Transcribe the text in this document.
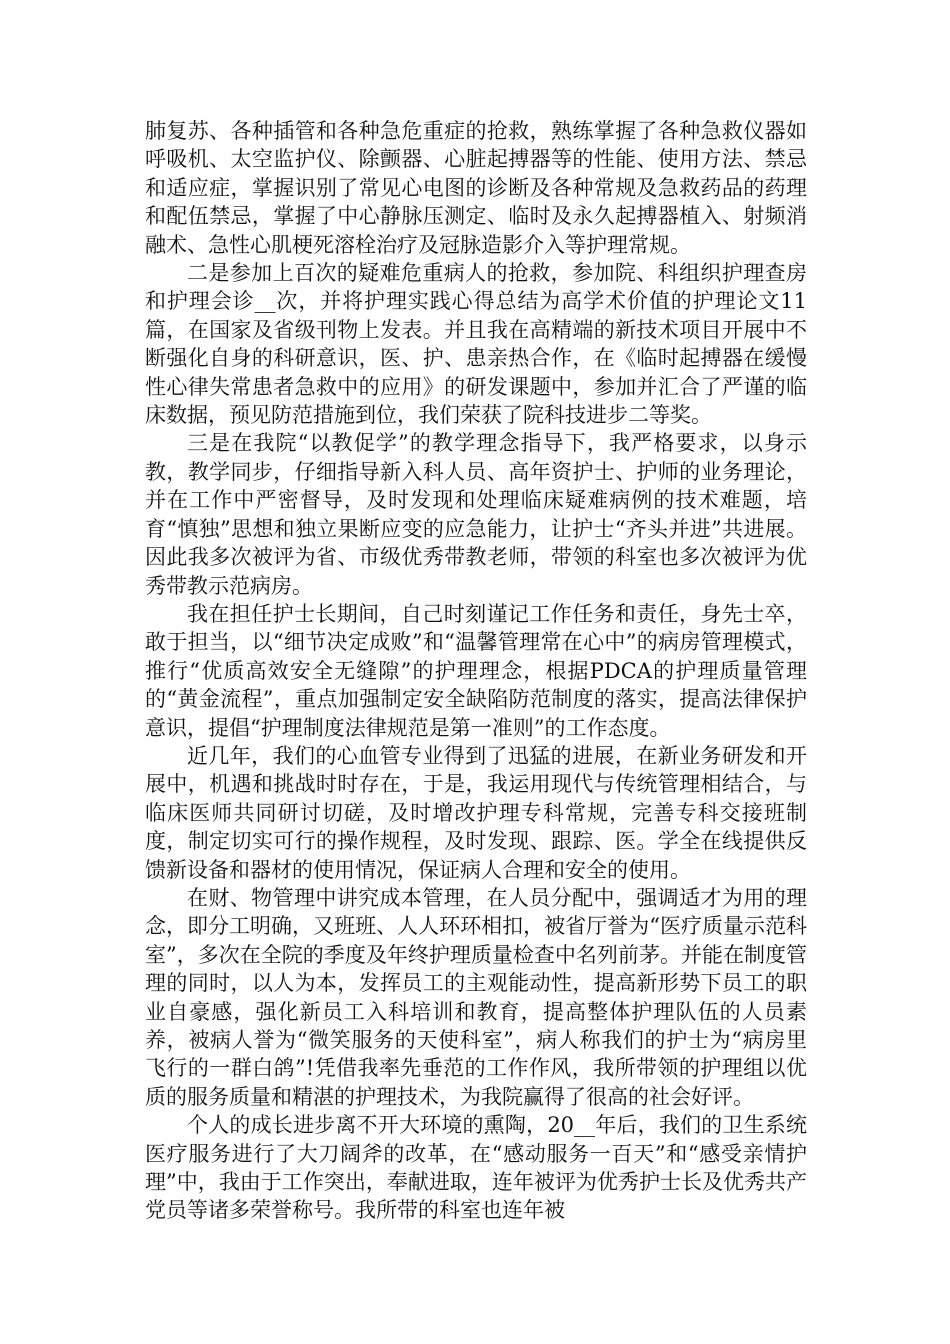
肺复苏、各种插管和各种急危重症的抢救，熟练掌握了各种急救仪器如呼吸机、太空监护仪、除颤器、心脏起搏器等的性能、使用方法、禁忌和适应症，掌握识别了常见心电图的诊断及各种常规及急救药品的药理和配伍禁忌，掌握了中心静脉压测定、临时及永久起搏器植入、射频消融术、急性心肌梗死溶栓治疗及冠脉造影介入等护理常规。

二是参加上百次的疑难危重病人的抢救，参加院、科组织护理查房和护理会诊__次，并将护理实践心得总结为高学术价值的护理论文11篇，在国家及省级刊物上发表。并且我在高精端的新技术项目开展中不断强化自身的科研意识，医、护、患亲热合作，在《临时起搏器在缓慢性心律失常患者急救中的应用》的研发课题中，参加并汇合了严谨的临床数据，预见防范措施到位，我们荣获了院科技进步二等奖。

三是在我院“以教促学”的教学理念指导下，我严格要求，以身示教，教学同步，仔细指导新入科人员、高年资护士、护师的业务理论，并在工作中严密督导，及时发现和处理临床疑难病例的技术难题，培育“慎独”思想和独立果断应变的应急能力，让护士“齐头并进”共进展。因此我多次被评为省、市级优秀带教老师，带领的科室也多次被评为优秀带教示范病房。

我在担任护士长期间，自己时刻谨记工作任务和责任，身先士卒，敢于担当，以“细节决定成败”和“温馨管理常在心中”的病房管理模式，推行“优质高效安全无缝隙”的护理理念，根据PDCA的护理质量管理的“黄金流程”，重点加强制定安全缺陷防范制度的落实，提高法律保护意识，提倡“护理制度法律规范是第一准则”的工作态度。

近几年，我们的心血管专业得到了迅猛的进展，在新业务研发和开展中，机遇和挑战时时存在，于是，我运用现代与传统管理相结合，与临床医师共同研讨切磋，及时增改护理专科常规，完善专科交接班制度，制定切实可行的操作规程，及时发现、跟踪、医。学全在线提供反馈新设备和器材的使用情况，保证病人合理和安全的使用。

在财、物管理中讲究成本管理，在人员分配中，强调适才为用的理念，即分工明确，又班班、人人环环相扣，被省厅誉为“医疗质量示范科室”，多次在全院的季度及年终护理质量检查中名列前茅。并能在制度管理的同时，以人为本，发挥员工的主观能动性，提高新形势下员工的职业自豪感，强化新员工入科培训和教育，提高整体护理队伍的人员素养，被病人誉为“微笑服务的天使科室”，病人称我们的护士为“病房里飞行的一群白鸽”!凭借我率先垂范的工作作风，我所带领的护理组以优质的服务质量和精湛的护理技术，为我院赢得了很高的社会好评。

个人的成长进步离不开大环境的熏陶，20__年后，我们的卫生系统医疗服务进行了大刀阔斧的改革，在“感动服务一百天”和“感受亲情护理”中，我由于工作突出，奉献进取，连年被评为优秀护士长及优秀共产党员等诸多荣誉称号。我所带的科室也连年被
